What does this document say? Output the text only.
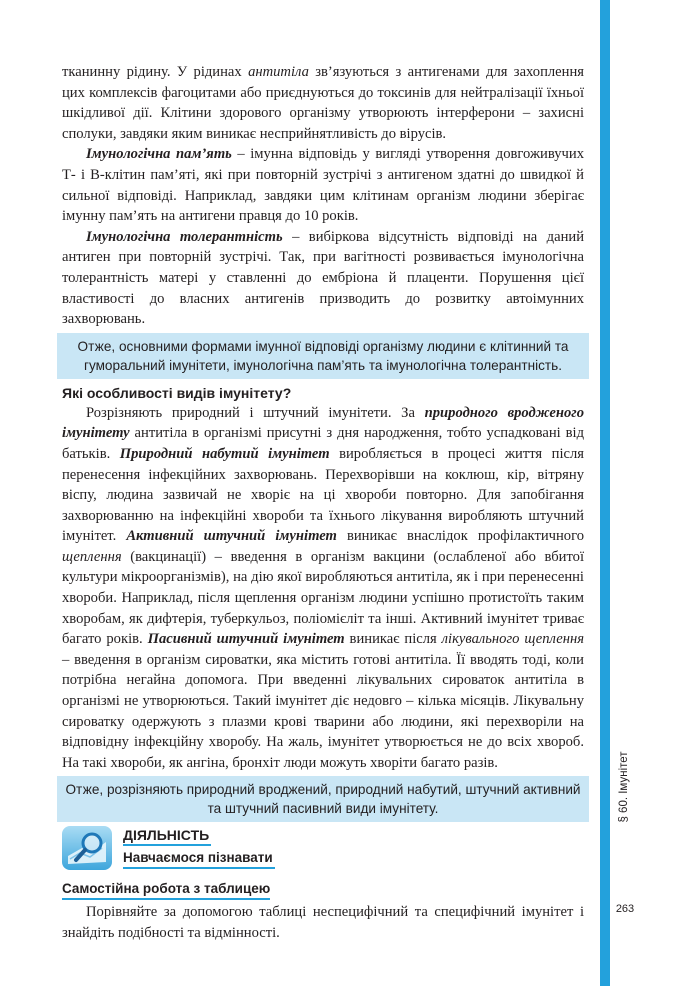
тканинну рідину. У рідинах антитіла зв’язуються з антигенами для захоплення цих комплексів фагоцитами або приєднуються до токсинів для нейтралізації їхньої шкідливої дії. Клітини здорового організму утворюють інтерферони – захисні сполуки, завдяки яким виникає несприйнятливість до вірусів.

Імунологічна пам’ять – імунна відповідь у вигляді утворення довгоживучих Т- і В-клітин пам’яті, які при повторній зустрічі з антигеном здатні до швидкої й сильної відповіді. Наприклад, завдяки цим клітинам організм людини зберігає імунну пам’ять на антигени правця до 10 років.

Імунологічна толерантність – вибіркова відсутність відповіді на даний антиген при повторній зустрічі. Так, при вагітності розвивається імунологічна толерантність матері у ставленні до ембріона й плаценти. Порушення цієї властивості до власних антигенів призводить до розвитку автоімунних захворювань.

Отже, основними формами імунної відповіді організму людини є клітинний та гуморальний імунітети, імунологічна пам’ять та імунологічна толерантність.
Які особливості видів імунітету?

Розрізняють природний і штучний імунітети. За природного вродженого імунітету антитіла в організмі присутні з дня народження, тобто успадковані від батьків. Природний набутий імунітет виробляється в процесі життя після перенесення інфекційних захворювань. Перехворівши на коклюш, кір, вітряну віспу, людина зазвичай не хворіє на ці хвороби повторно. Для запобігання захворюванню на інфекційні хвороби та їхнього лікування виробляють штучний імунітет. Активний штучний імунітет виникає внаслідок профілактичного щеплення (вакцинації) – введення в організм вакцини (ослабленої або вбитої культури мікроорганізмів), на дію якої виробляються антитіла, як і при перенесенні хвороби. Наприклад, після щеплення організм людини успішно протистоїть таким хворобам, як дифтерія, туберкульоз, поліомієліт та інші. Активний імунітет триває багато років. Пасивний штучний імунітет виникає після лікувального щеплення – введення в організм сироватки, яка містить готові антитіла. Її вводять тоді, коли потрібна негайна допомога. При введенні лікувальних сироваток антитіла в організмі не утворюються. Такий імунітет діє недовго – кілька місяців. Лікувальну сироватку одержують з плазми крові тварини або людини, які перехворіли на відповідну інфекційну хворобу. На жаль, імунітет утворюється не до всіх хвороб. На такі хвороби, як ангіна, бронхіт люди можуть хворіти багато разів.

Отже, розрізняють природний вроджений, природний набутий, штучний активний та штучний пасивний види імунітету.
ДІЯЛЬНІСТЬ
Навчаємося пізнавати
Самостійна робота з таблицею

Порівняйте за допомогою таблиці неспецифічний та специфічний імунітет і знайдіть подібності та відмінності.

§ 60. Імунітет
263
